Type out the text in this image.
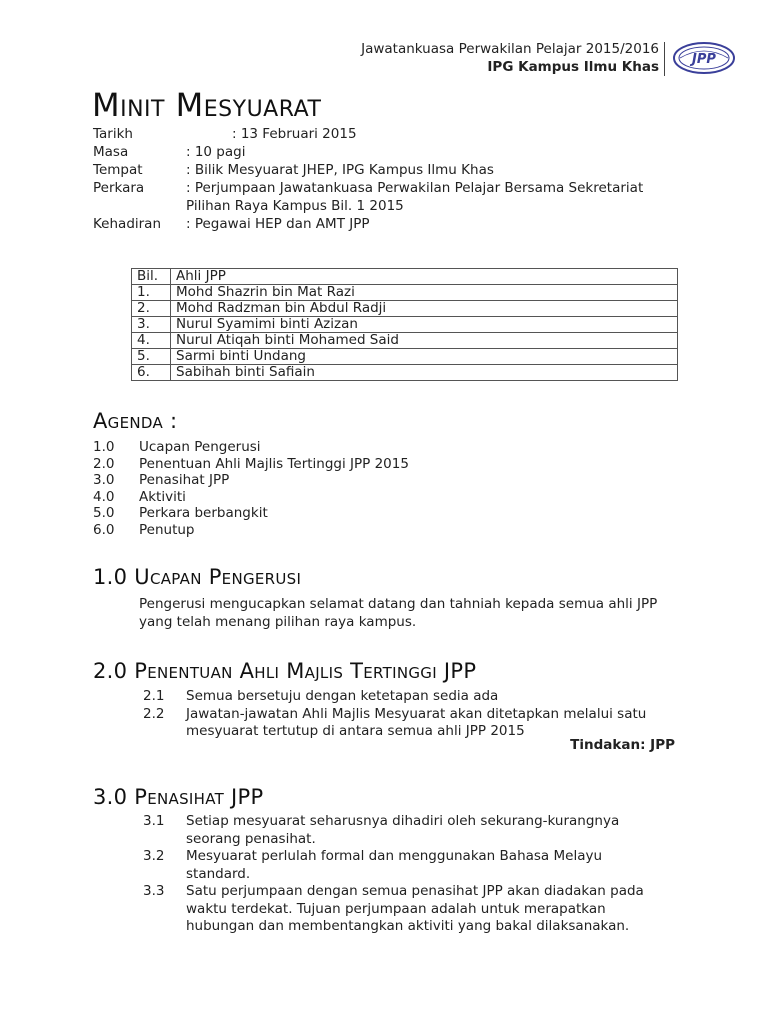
Jawatankuasa Perwakilan Pelajar 2015/2016
IPG Kampus Ilmu Khas	JPP
Minit Mesyuarat
Tarikh	: 13 Februari 2015
Masa	: 10 pagi
Tempat	: Bilik Mesyuarat JHEP, IPG Kampus Ilmu Khas
Perkara	: Perjumpaan Jawatankuasa Perwakilan Pelajar Bersama Sekretariat
Pilihan Raya Kampus Bil. 1 2015
Kehadiran : Pegawai HEP dan AMT JPP
Bil.	Ahli JPP
1.	Mohd Shazrin bin Mat Razi
2.	Mohd Radzman bin Abdul Radji
3.	Nurul Syamimi binti Azizan
4.	Nurul Atiqah binti Mohamed Said
5.	Sarmi binti Undang
6.	Sabihah binti Safiain
Agenda :
1.0 Ucapan Pengerusi
2.0 Penentuan Ahli Majlis Tertinggi JPP 2015
3.0 Penasihat JPP
4.0 Aktiviti
5.0 Perkara berbangkit
6.0 Penutup
1.0 Ucapan Pengerusi

Pengerusi mengucapkan selamat datang dan tahniah kepada semua ahli JPP yang telah menang pilihan raya kampus.

2.0 Penentuan Ahli Majlis Tertinggi JPP
2.1 Semua bersetuju dengan ketetapan sedia ada
2.2 Jawatan-jawatan Ahli Majlis Mesyuarat akan ditetapkan melalui satu mesyuarat tertutup di antara semua ahli JPP 2015
Tindakan: JPP
3.0 Penasihat JPP
3.1 Setiap mesyuarat seharusnya dihadiri oleh sekurang-kurangnya seorang penasihat.
3.2 Mesyuarat perlulah formal dan menggunakan Bahasa Melayu standard.
3.3 Satu perjumpaan dengan semua penasihat JPP akan diadakan pada waktu terdekat. Tujuan perjumpaan adalah untuk merapatkan hubungan dan membentangkan aktiviti yang bakal dilaksanakan.
